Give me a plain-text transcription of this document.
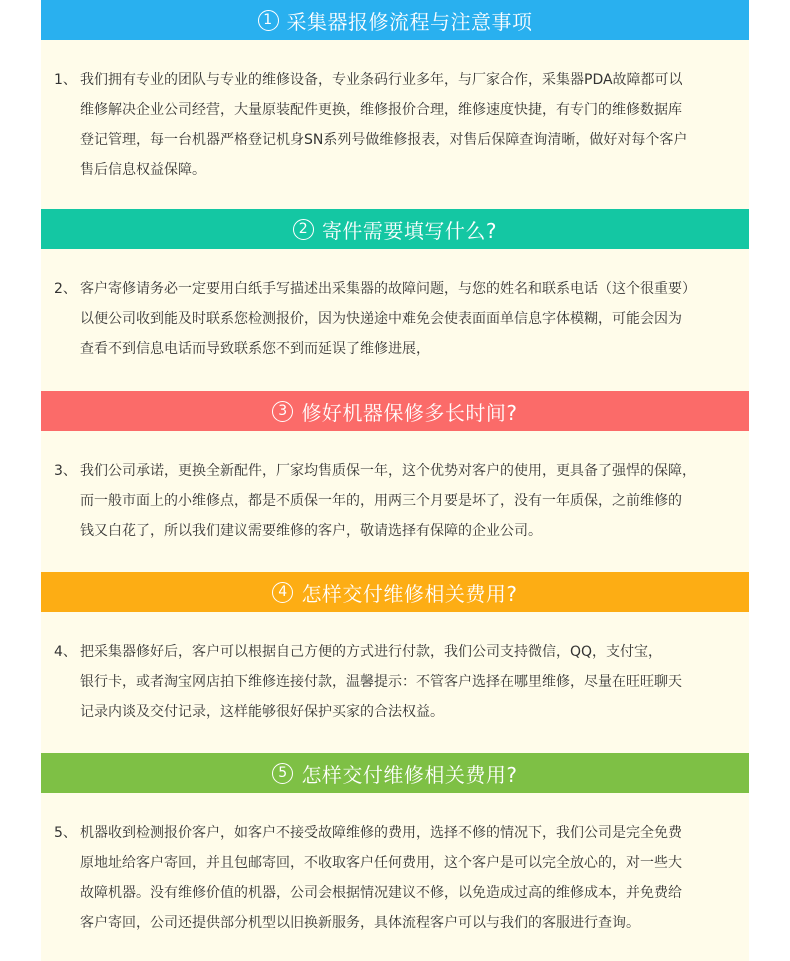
1 采集器报修流程与注意事项
1、 我们拥有专业的团队与专业的维修设备，专业条码行业多年，与厂家合作，采集器PDA故障都可以
维修解决企业公司经营，大量原装配件更换，维修报价合理，维修速度快捷，有专门的维修数据库
登记管理，每一台机器严格登记机身SN系列号做维修报表，对售后保障查询清晰，做好对每个客户
售后信息权益保障。
2 寄件需要填写什么?
2、 客户寄修请务必一定要用白纸手写描述出采集器的故障问题，与您的姓名和联系电话（这个很重要）
以便公司收到能及时联系您检测报价，因为快递途中难免会使表面面单信息字体模糊，可能会因为
查看不到信息电话而导致联系您不到而延误了维修进展，
3 修好机器保修多长时间?
3、 我们公司承诺，更换全新配件，厂家均售质保一年，这个优势对客户的使用，更具备了强悍的保障，
而一般市面上的小维修点，都是不质保一年的，用两三个月要是坏了，没有一年质保，之前维修的
钱又白花了，所以我们建议需要维修的客户，敬请选择有保障的企业公司。
4 怎样交付维修相关费用?
4、 把采集器修好后，客户可以根据自己方便的方式进行付款，我们公司支持微信，QQ，支付宝，
银行卡，或者淘宝网店拍下维修连接付款，温馨提示：不管客户选择在哪里维修，尽量在旺旺聊天
记录内谈及交付记录，这样能够很好保护买家的合法权益。
5 怎样交付维修相关费用?
5、 机器收到检测报价客户，如客户不接受故障维修的费用，选择不修的情况下，我们公司是完全免费
原地址给客户寄回，并且包邮寄回，不收取客户任何费用，这个客户是可以完全放心的，对一些大
故障机器。没有维修价值的机器，公司会根据情况建议不修，以免造成过高的维修成本，并免费给
客户寄回，公司还提供部分机型以旧换新服务，具体流程客户可以与我们的客服进行查询。
